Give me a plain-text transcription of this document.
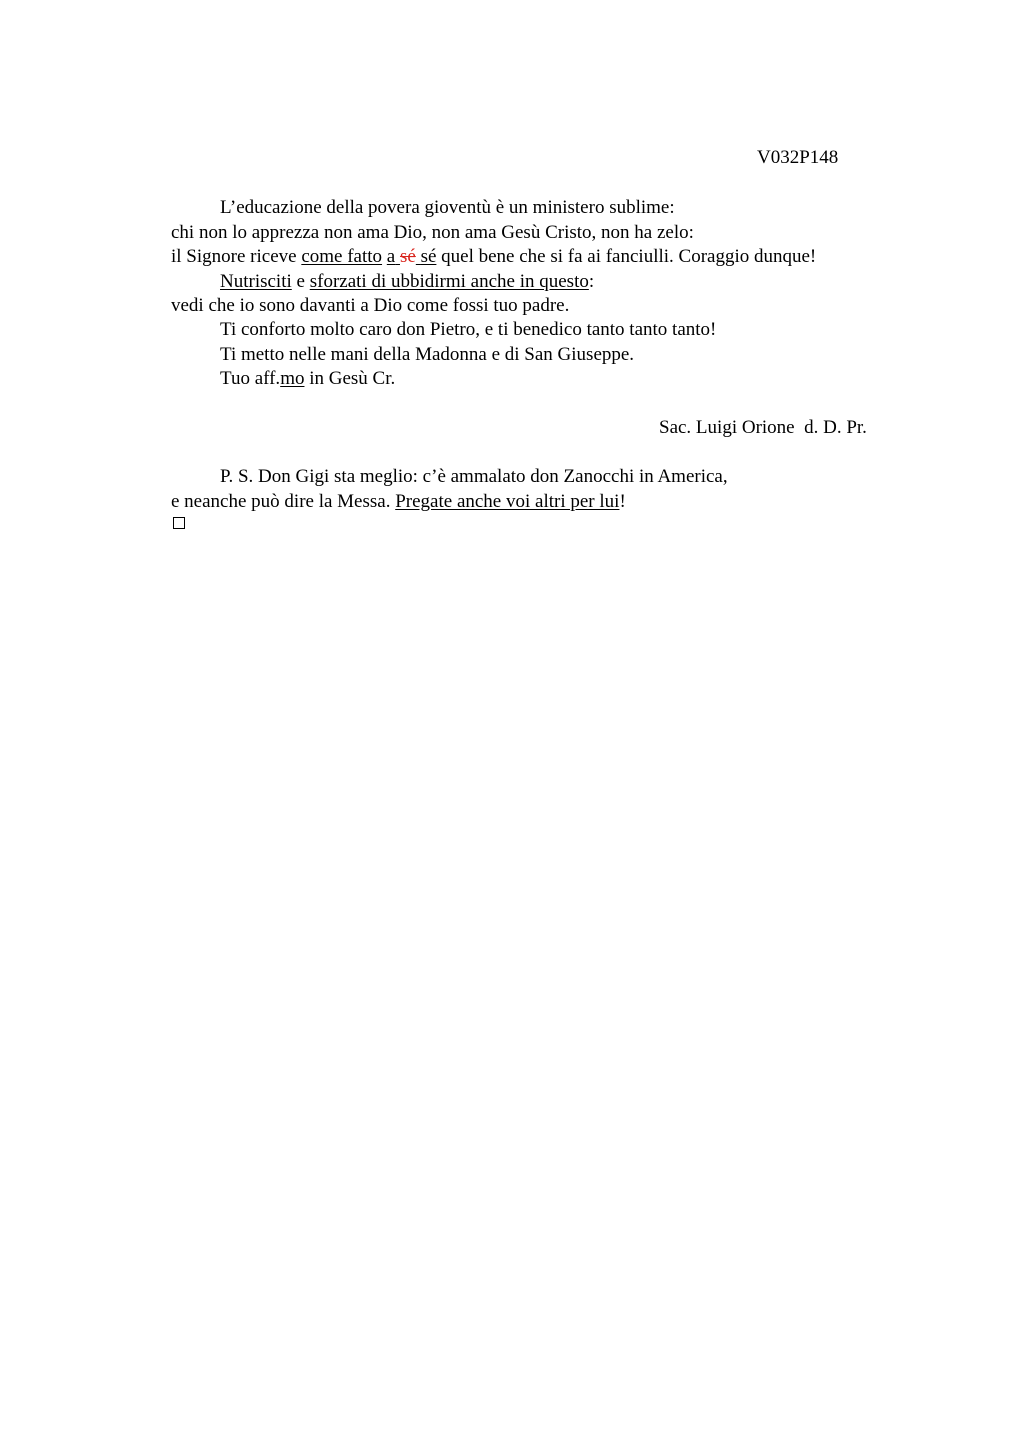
V032P148
L’educazione della povera gioventù è un ministero sublime:
chi non lo apprezza non ama Dio, non ama Gesù Cristo, non ha zelo:
il Signore riceve come fatto a sé sé quel bene che si fa ai fanciulli. Coraggio dunque!
Nutrisciti e sforzati di ubbidirmi anche in questo:
vedi che io sono davanti a Dio come fossi tuo padre.
Ti conforto molto caro don Pietro, e ti benedico tanto tanto tanto!
Ti metto nelle mani della Madonna e di San Giuseppe.
Tuo aff.mo in Gesù Cr.
Sac. Luigi Orione  d. D. Pr.
P. S. Don Gigi sta meglio: c’è ammalato don Zanocchi in America,
e neanche può dire la Messa. Pregate anche voi altri per lui!
